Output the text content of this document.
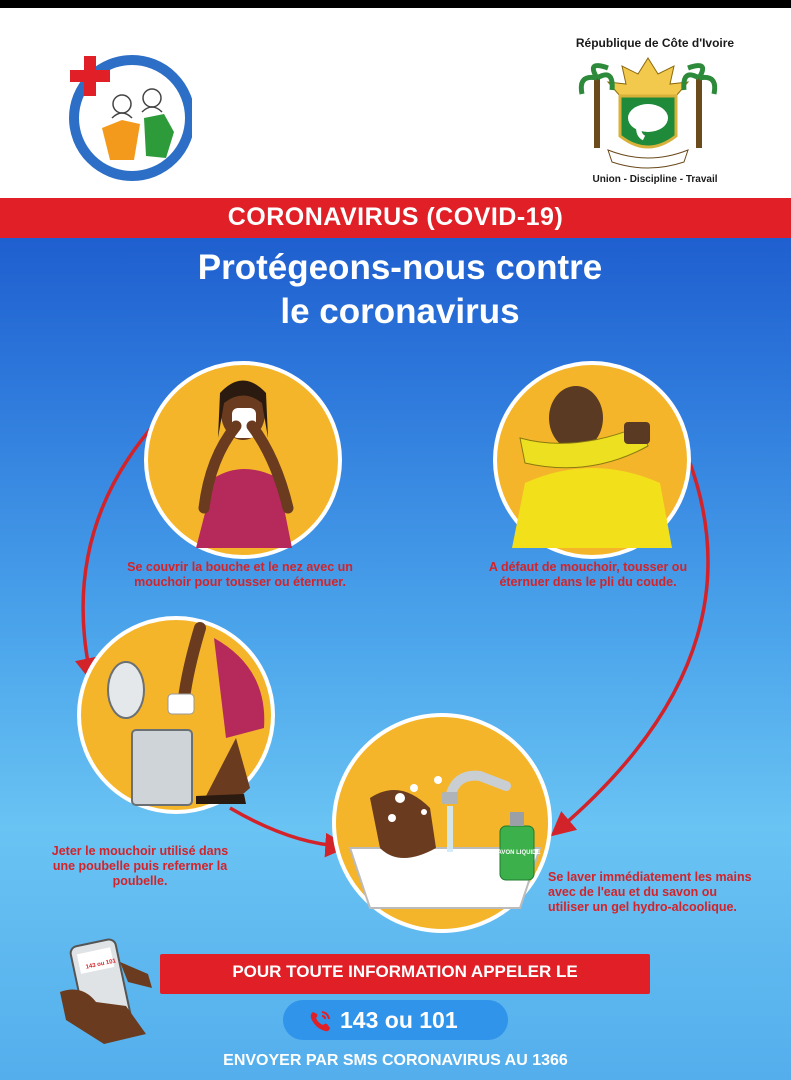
République de Côte d'Ivoire
Union - Discipline - Travail
CORONAVIRUS (COVID-19)
Protégeons-nous contre
le coronavirus
SAVON LIQUIDE
Se couvrir la bouche et le nez avec un mouchoir pour tousser ou éternuer.
A défaut de mouchoir, tousser ou éternuer dans le pli du coude.
Jeter le mouchoir utilisé dans une poubelle puis refermer la poubelle.	Se laver immédiatement les mains avec de l'eau et du savon ou utiliser un gel hydro-alcoolique.
143 ou 101	POUR TOUTE INFORMATION APPELER LE
143 ou 101
ENVOYER PAR SMS CORONAVIRUS AU 1366
